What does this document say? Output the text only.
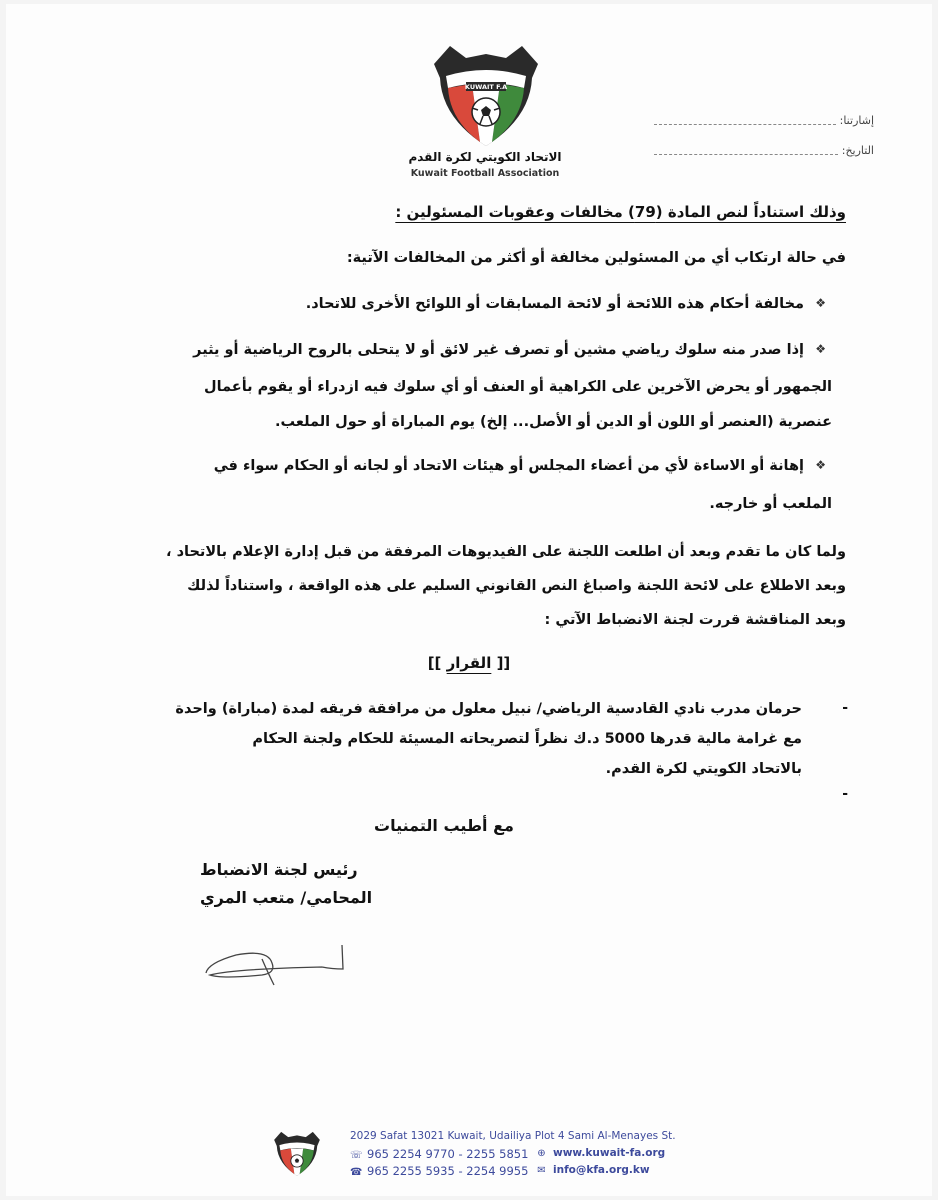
KUWAIT F.A
الاتحاد الكويتي لكرة القدم
Kuwait Football Association
إشارتنا:
التاريخ:
وذلك استناداً لنص المادة (79) مخالفات وعقوبات المسئولين :
في حالة ارتكاب أي من المسئولين مخالفة أو أكثر من المخالفات الآتية:
❖
مخالفة أحكام هذه اللائحة أو لائحة المسابقات أو اللوائح الأخرى للاتحاد.
❖
إذا صدر منه سلوك رياضي مشين أو تصرف غير لائق أو لا يتحلى بالروح الرياضية أو يثير
الجمهور أو يحرض الآخرين على الكراهية أو العنف أو أي سلوك فيه ازدراء أو يقوم بأعمال
عنصرية (العنصر أو اللون أو الدين أو الأصل... إلخ) يوم المباراة أو حول الملعب.
❖
إهانة أو الاساءة لأي من أعضاء المجلس أو هيئات الاتحاد أو لجانه أو الحكام سواء في
الملعب أو خارجه.
ولما كان ما تقدم وبعد أن اطلعت اللجنة على الفيديوهات المرفقة من قبل إدارة الإعلام بالاتحاد ،
وبعد الاطلاع على لائحة اللجنة واصباغ النص القانوني السليم على هذه الواقعة ، واستناداً لذلك
وبعد المناقشة قررت لجنة الانضباط الآتي :
[[ القرار ]]
-
حرمان مدرب نادي القادسية الرياضي/ نبيل معلول من مرافقة فريقه لمدة (مباراة) واحدة
مع غرامة مالية قدرها 5000 د.ك نظراً لتصريحاته المسيئة للحكام ولجنة الحكام
بالاتحاد الكويتي لكرة القدم.
-
مع أطيب التمنيات
رئيس لجنة الانضباط
المحامي/ متعب المري
2029 Safat 13021 Kuwait, Udailiya Plot 4 Sami Al-Menayes St.
☏ 965 2254 9770 - 2255 5851
☎ 965 2255 5935 - 2254 9955
⊕ www.kuwait-fa.org
✉ info@kfa.org.kw
